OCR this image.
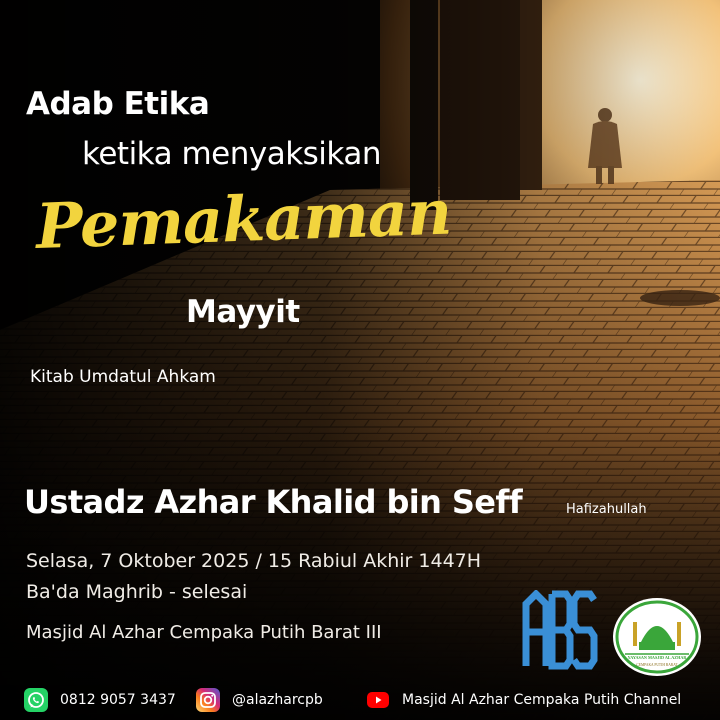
Adab Etika
ketika menyaksikan
Pemakaman
Mayyit
Kitab Umdatul Ahkam
Ustadz Azhar Khalid bin Seff	Hafizahullah
Selasa, 7 Oktober 2025 / 15 Rabiul Akhir 1447H
Ba'da Maghrib - selesai
Masjid Al Azhar Cempaka Putih Barat III
YAYASAN MASJID AL AZHAR
CEMPAKA PUTIH BARAT
0812 9057 3437	@alazharcpb	Masjid Al Azhar Cempaka Putih Channel
